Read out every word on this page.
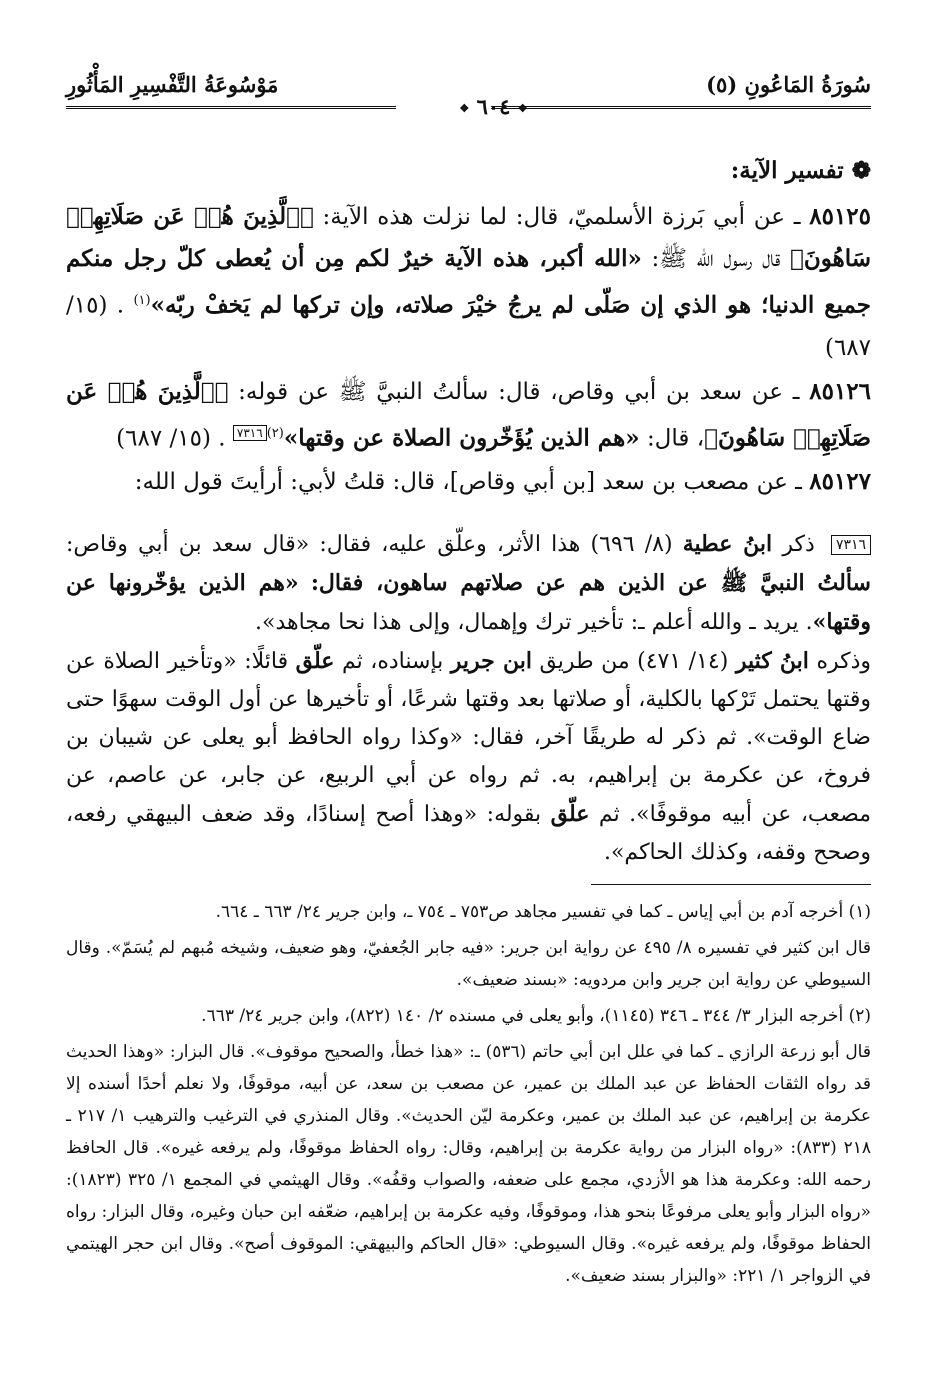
سُورَةُ المَاعُونِ (٥)
❖ ٦٠٤ ❖
مَوْسُوعَةُ التَّفْسِيرِ المَأْثُورِ
❁ تفسير الآية:

٨٥١٢٥ ـ عن أبي بَرزة الأسلميّ، قال: لما نزلت هذه الآية: ﴿ٱلَّذِينَ هُمۡ عَن صَلَاتِهِمۡ سَاهُونَ﴾ قال رسول الله ﷺ: «الله أكبر، هذه الآية خيرٌ لكم مِن أن يُعطى كلّ رجل منكم جميع الدنيا؛ هو الذي إن صَلّى لم يرجُ خيْرَ صلاته، وإن تركها لم يَخفْ ربّه»$^{(١)}$ . (١٥/ ٦٨٧)

٨٥١٢٦ ـ عن سعد بن أبي وقاص، قال: سألتُ النبيَّ ﷺ عن قوله: ﴿ٱلَّذِينَ هُمۡ عَن صَلَاتِهِمۡ سَاهُونَ﴾، قال: «هم الذين يُؤَخّرون الصلاة عن وقتها»$^{(٢)}$٧٣١٦ . (١٥/ ٦٨٧)

٨٥١٢٧ ـ عن مصعب بن سعد [بن أبي وقاص]، قال: قلتُ لأبي: أرأيتَ قول الله:

٧٣١٦ ذكر ابنُ عطية (٨/ ٦٩٦) هذا الأثر، وعلّق عليه، فقال: «قال سعد بن أبي وقاص: سألتُ النبيَّ ﷺ عن الذين هم عن صلاتهم ساهون، فقال: «هم الذين يؤخّرونها عن وقتها». يريد ـ والله أعلم ـ: تأخير ترك وإهمال، وإلى هذا نحا مجاهد».

وذكره ابنُ كثير (١٤/ ٤٧١) من طريق ابن جرير بإسناده، ثم علّق قائلًا: «وتأخير الصلاة عن وقتها يحتمل تَرْكها بالكلية، أو صلاتها بعد وقتها شرعًا، أو تأخيرها عن أول الوقت سهوًا حتى ضاع الوقت». ثم ذكر له طريقًا آخر، فقال: «وكذا رواه الحافظ أبو يعلى عن شيبان بن فروخ، عن عكرمة بن إبراهيم، به. ثم رواه عن أبي الربيع، عن جابر، عن عاصم، عن مصعب، عن أبيه موقوفًا». ثم علّق بقوله: «وهذا أصح إسنادًا، وقد ضعف البيهقي رفعه، وصحح وقفه، وكذلك الحاكم».

(١) أخرجه آدم بن أبي إياس ـ كما في تفسير مجاهد ص٧٥٣ ـ ٧٥٤ ـ، وابن جرير ٢٤/ ٦٦٣ ـ ٦٦٤.

قال ابن كثير في تفسيره ٨/ ٤٩٥ عن رواية ابن جرير: «فيه جابر الجُعفيّ، وهو ضعيف، وشيخه مُبهم لم يُسَمّ». وقال السيوطي عن رواية ابن جرير وابن مردويه: «بسند ضعيف».

(٢) أخرجه البزار ٣/ ٣٤٤ ـ ٣٤٦ (١١٤٥)، وأبو يعلى في مسنده ٢/ ١٤٠ (٨٢٢)، وابن جرير ٢٤/ ٦٦٣.

قال أبو زرعة الرازي ـ كما في علل ابن أبي حاتم (٥٣٦) ـ: «هذا خطأ، والصحيح موقوف». قال البزار: «وهذا الحديث قد رواه الثقات الحفاظ عن عبد الملك بن عمير، عن مصعب بن سعد، عن أبيه، موقوفًا، ولا نعلم أحدًا أسنده إلا عكرمة بن إبراهيم، عن عبد الملك بن عمير، وعكرمة ليّن الحديث». وقال المنذري في الترغيب والترهيب ١/ ٢١٧ ـ ٢١٨ (٨٣٣): «رواه البزار من رواية عكرمة بن إبراهيم، وقال: رواه الحفاظ موقوفًا، ولم يرفعه غيره». قال الحافظ رحمه الله: وعكرمة هذا هو الأزدي، مجمع على ضعفه، والصواب وقفُه». وقال الهيثمي في المجمع ١/ ٣٢٥ (١٨٢٣): «رواه البزار وأبو يعلى مرفوعًا بنحو هذا، وموقوفًا، وفيه عكرمة بن إبراهيم، ضعّفه ابن حبان وغيره، وقال البزار: رواه الحفاظ موقوفًا، ولم يرفعه غيره». وقال السيوطي: «قال الحاكم والبيهقي: الموقوف أصح». وقال ابن حجر الهيتمي في الزواجر ١/ ٢٢١: «والبزار بسند ضعيف».
